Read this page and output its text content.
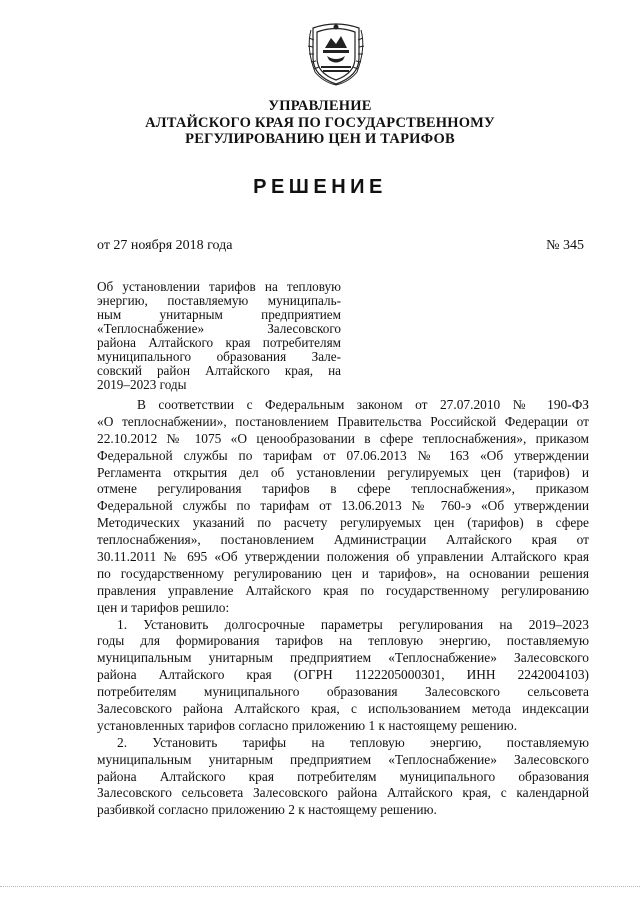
УПРАВЛЕНИЕ
АЛТАЙСКОГО КРАЯ ПО ГОСУДАРСТВЕННОМУ
РЕГУЛИРОВАНИЮ ЦЕН И ТАРИФОВ
РЕШЕНИЕ
от 27 ноября 2018 года	№ 345
Об установлении тарифов на тепловую
энергию, поставляемую муниципаль-
ным унитарным предприятием
«Теплоснабжение» Залесовского
района Алтайского края потребителям
муниципального образования Зале-
совский район Алтайского края, на
2019–2023 годы
В соответствии с Федеральным законом от 27.07.2010 № 190-ФЗ
«О теплоснабжении», постановлением Правительства Российской Федерации от
22.10.2012 № 1075 «О ценообразовании в сфере теплоснабжения», приказом
Федеральной службы по тарифам от 07.06.2013 № 163 «Об утверждении
Регламента открытия дел об установлении регулируемых цен (тарифов) и
отмене регулирования тарифов в сфере теплоснабжения», приказом
Федеральной службы по тарифам от 13.06.2013 № 760-э «Об утверждении
Методических указаний по расчету регулируемых цен (тарифов) в сфере
теплоснабжения», постановлением Администрации Алтайского края от
30.11.2011 № 695 «Об утверждении положения об управлении Алтайского края
по государственному регулированию цен и тарифов», на основании решения
правления управление Алтайского края по государственному регулированию
цен и тарифов решило:
1. Установить долгосрочные параметры регулирования на 2019–2023
годы для формирования тарифов на тепловую энергию, поставляемую
муниципальным унитарным предприятием «Теплоснабжение» Залесовского
района Алтайского края (ОГРН 1122205000301, ИНН 2242004103)
потребителям муниципального образования Залесовского сельсовета
Залесовского района Алтайского края, с использованием метода индексации
установленных тарифов согласно приложению 1 к настоящему решению.
2. Установить тарифы на тепловую энергию, поставляемую
муниципальным унитарным предприятием «Теплоснабжение» Залесовского
района Алтайского края потребителям муниципального образования
Залесовского сельсовета Залесовского района Алтайского края, с календарной
разбивкой согласно приложению 2 к настоящему решению.
